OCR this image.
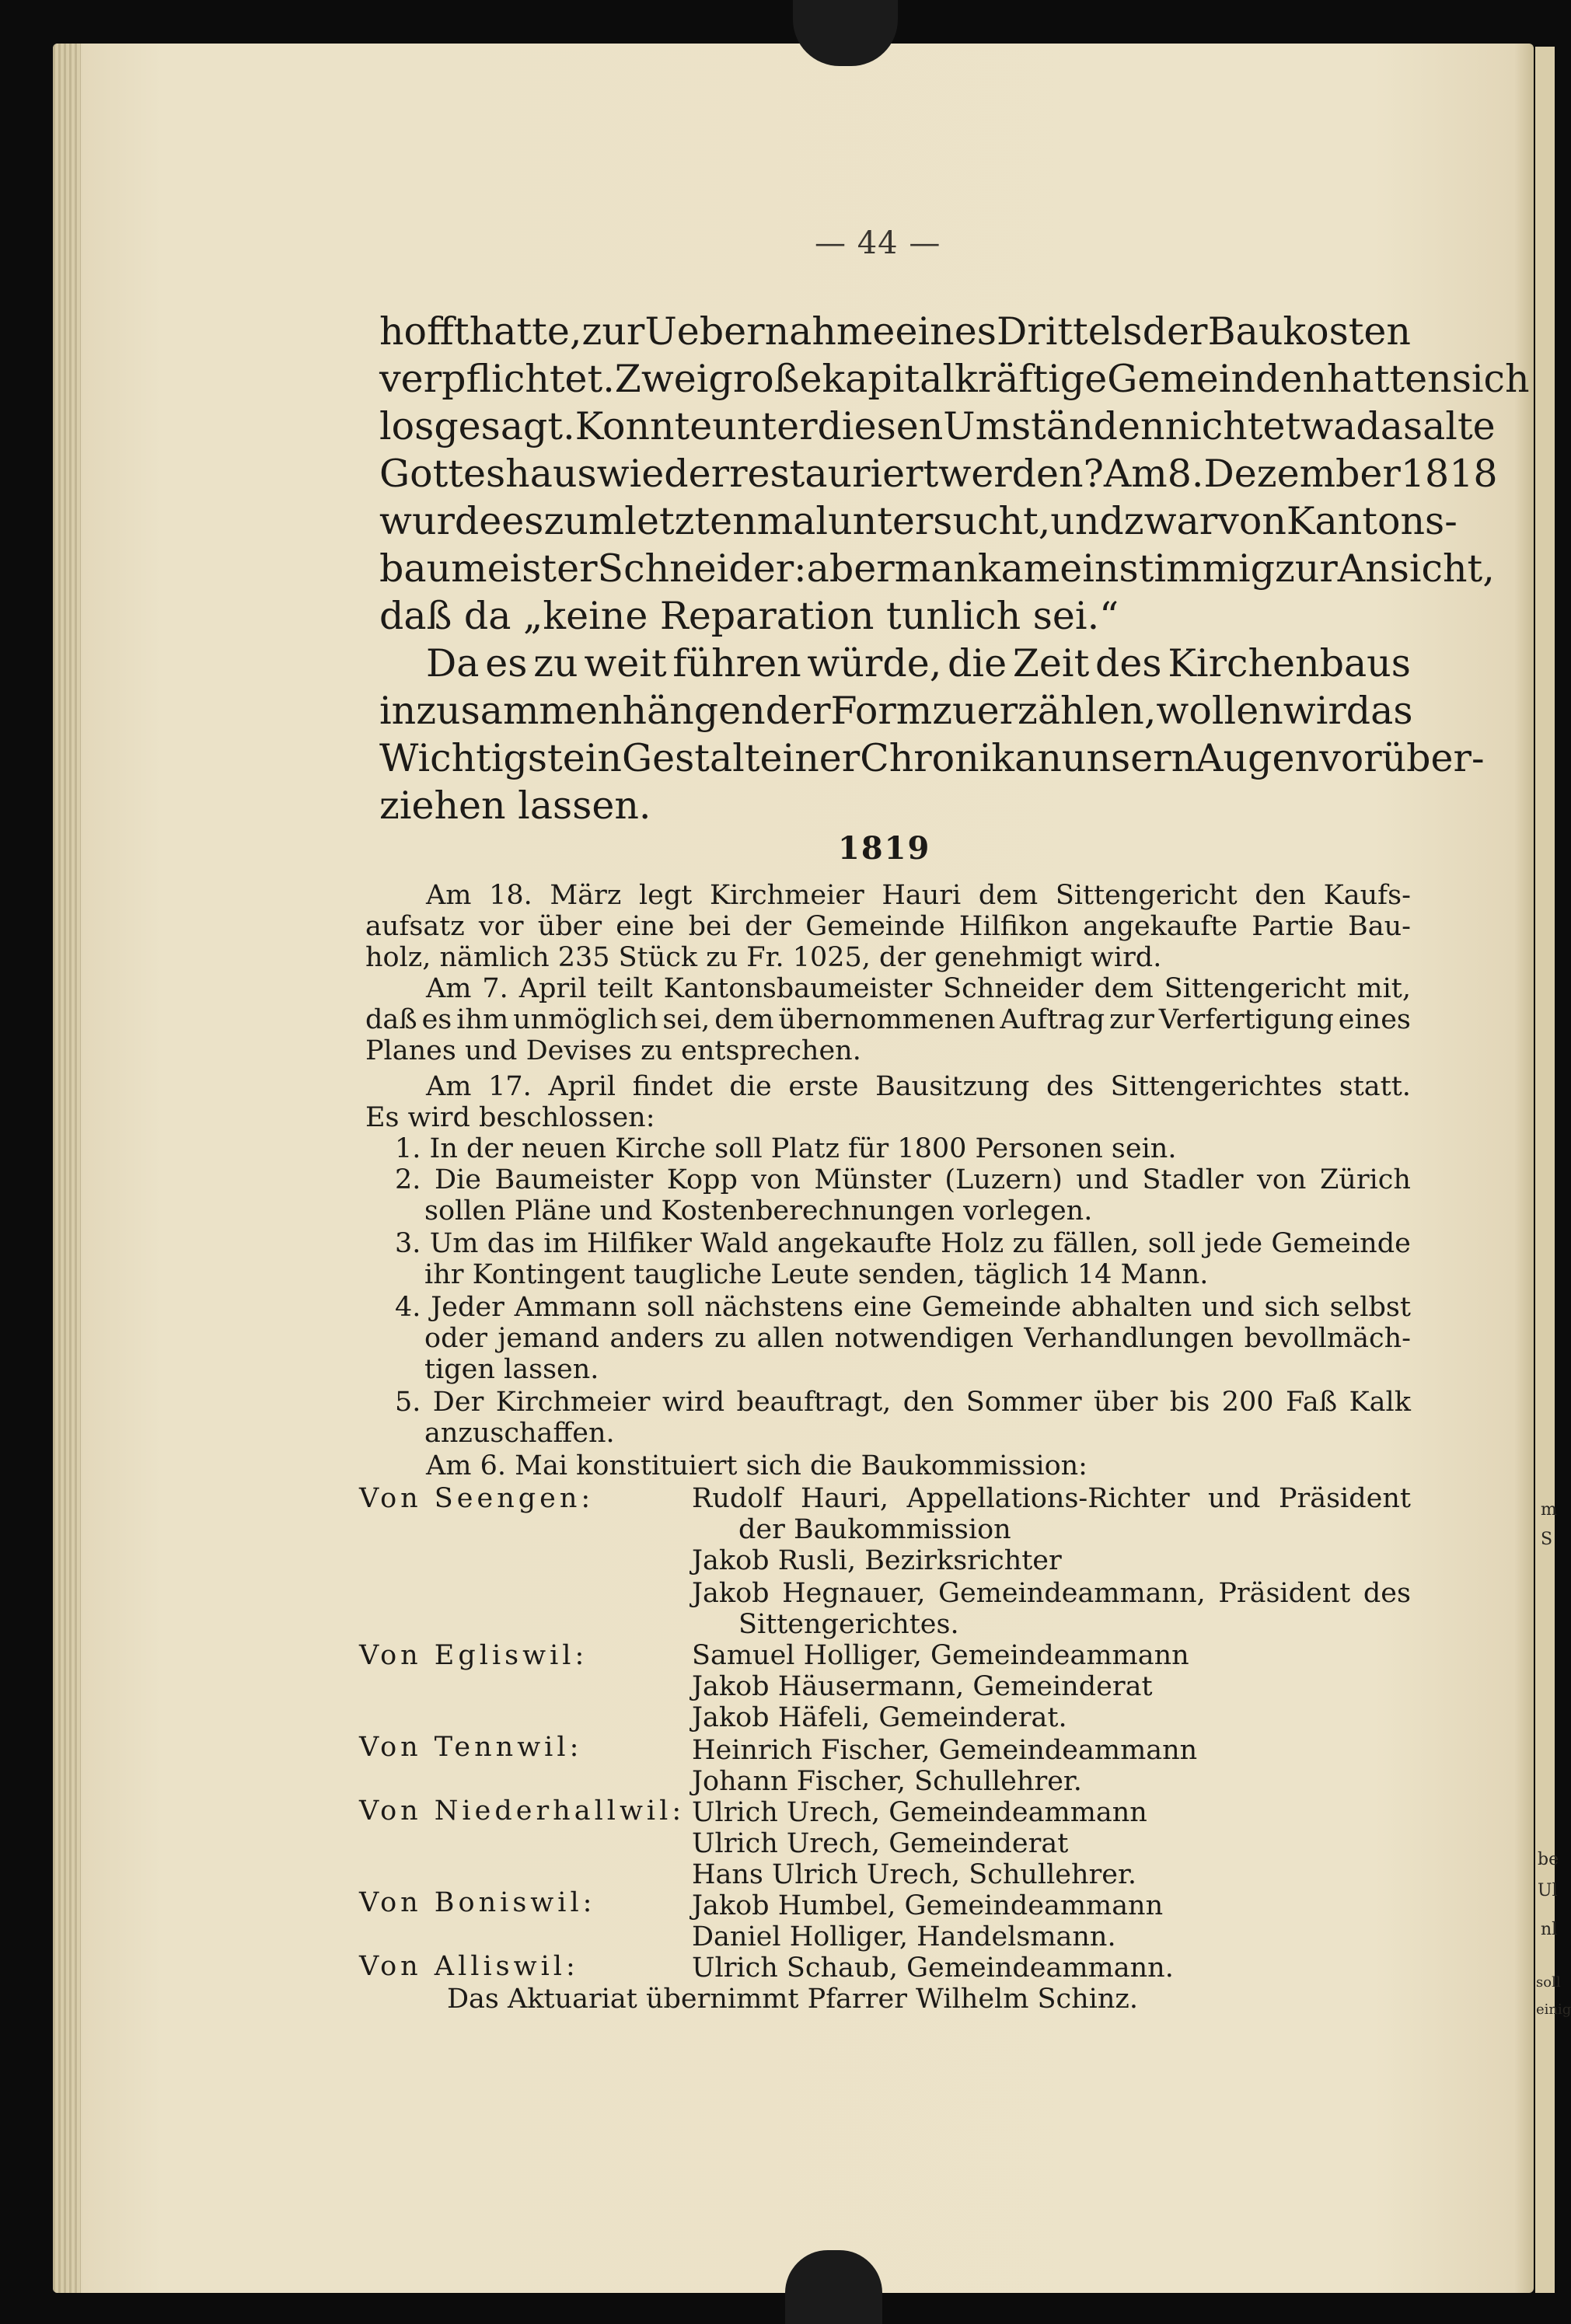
— 44 —
hofft hatte, zur Uebernahme eines Drittels der Baukosten
verpflichtet. Zwei große kapitalkräftige Gemeinden hatten sich
losgesagt. Konnte unter diesen Umständen nicht etwa das alte
Gotteshaus wieder restauriert werden? Am 8. Dezember 1818
wurde es zum letztenmal untersucht, und zwar von Kantons-
baumeister Schneider: aber man kam einstimmig zur Ansicht,
daß da „keine Reparation tunlich sei.“
Da es zu weit führen würde, die Zeit des Kirchenbaus
in zusammenhängender Form zu erzählen, wollen wir das
Wichtigste in Gestalt einer Chronik an unsern Augen vorüber-
ziehen lassen.
1819
Am 18. März legt Kirchmeier Hauri dem Sittengericht den Kaufs-
aufsatz vor über eine bei der Gemeinde Hilfikon angekaufte Partie Bau-
holz, nämlich 235 Stück zu Fr. 1025, der genehmigt wird.
Am 7. April teilt Kantonsbaumeister Schneider dem Sittengericht mit,
daß es ihm unmöglich sei, dem übernommenen Auftrag zur Verfertigung eines
Planes und Devises zu entsprechen.
Am 17. April findet die erste Bausitzung des Sittengerichtes statt.
Es wird beschlossen:
1. In der neuen Kirche soll Platz für 1800 Personen sein.
2. Die Baumeister Kopp von Münster (Luzern) und Stadler von Zürich
sollen Pläne und Kostenberechnungen vorlegen.
3. Um das im Hilfiker Wald angekaufte Holz zu fällen, soll jede Gemeinde
ihr Kontingent taugliche Leute senden, täglich 14 Mann.
4. Jeder Ammann soll nächstens eine Gemeinde abhalten und sich selbst
oder jemand anders zu allen notwendigen Verhandlungen bevollmäch-
tigen lassen.
5. Der Kirchmeier wird beauftragt, den Sommer über bis 200 Faß Kalk
anzuschaffen.
Am 6. Mai konstituiert sich die Baukommission:
Von Seengen:	Rudolf Hauri, Appellations-Richter und Präsident
der Baukommission
Jakob Rusli, Bezirksrichter
Jakob Hegnauer, Gemeindeammann, Präsident des
Sittengerichtes.
Von Egliswil:	Samuel Holliger, Gemeindeammann
Jakob Häusermann, Gemeinderat
Jakob Häfeli, Gemeinderat.
Von Tennwil:	Heinrich Fischer, Gemeindeammann
Johann Fischer, Schullehrer.
Von Niederhallwil: Ulrich Urech, Gemeindeammann
Ulrich Urech, Gemeinderat
Hans Ulrich Urech, Schullehrer.
Von Boniswil:	Jakob Humbel, Gemeindeammann
Daniel Holliger, Handelsmann.
Von Alliswil:	Ulrich Schaub, Gemeindeammann.
Das Aktuariat übernimmt Pfarrer Wilhelm Schinz.
m
S
be
Ul
nl
soll
einig
